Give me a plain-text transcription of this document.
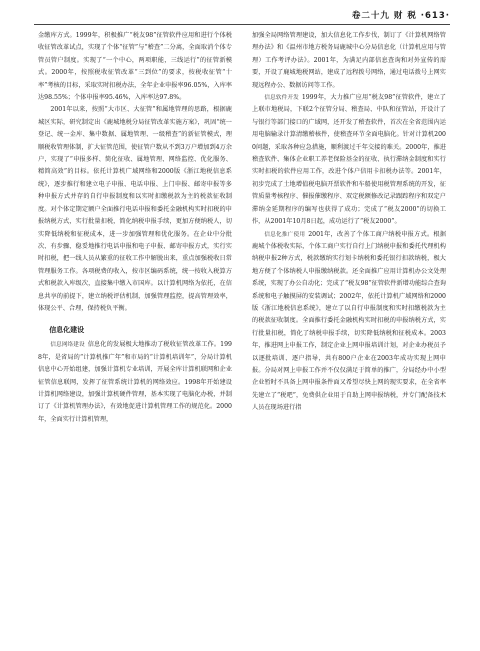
卷二十九 财 税 ·613·

金缴库方式。1999年，积极推广“税友98”征管软件应用和进行个体税收征管改革试点，实现了个体“征管”与“稽查”二分离，全面取消个体专管员管户制度。实现了“一个中心，两项职能，三线运行”的征管新模式。2000年，按照税收征管改革“三到位”的要求，按税收征管“十率”考核的目标，采取实时扣税办法，全年企业申报率96.05%，入库率达98.55%；个体申报率95.46%，入库率达97.8%。

2001年以来，按照“大市区、大征管”和属地管理的思路，根据鹿城区实际，研究制定出《鹿城地税分局征管改革实施方案》，巩固“统一登记、统一金库、集中数据、属地管理、一级稽查”的新征管模式，理顺税收管理体制，扩大征管范围，使征管户数从不到3万户增加到4万余户，实现了“申报多样、简化征收、属地管理、网络监控、优化服务、精简高效”的目标。依托计算机广域网络和2000版《浙江地税信息系统》，逐步推行和建立电子申报、电话申报、上门申报、邮寄申报等多种申报方式并存的自行申报制度和以实时扣缴税款为主的税款征收制度。对个体定期定额户全面推行电话申报和委托金融机构实时扣税的申报纳税方式，实行批量扣税，简化纳税申报手续，更加方便纳税人，切实降低纳税和征税成本，进一步加强管理和优化服务。在企业中分批次、有步骤、稳妥地推行电话申报和电子申报、邮寄申报方式，实行实时扣税，把一线人员从繁重的征收工作中解脱出来，重点加强税收日常管理服务工作。各项税费的收入，按市区编码系统，统一按收入税算方式和税款入库级次，直接集中缴入市国库。以计算机网络为依托，在信息共享的前提下，建立纳税评估机制，加强管理监控，提高管理效率，体现公平、合理，保持税负平衡。

信息化建设

信息网络建设 信息化的发展极大地推动了税收征管改革工作。1998年，是省局的“计算机推广年”和市局的“计算机培训年”，分局计算机信息中心开始组建，加强计算机专业培训，开展全库计算机联网和企业征管信息联网，发挥了征管系统计算机的网络效应。1998年开始建设计算机网络建设，加强计算机硬件管理，基本实现了电脑化办税，并制订了《计算机管理办法》，有效地促进计算机管理工作的规范化。2000年，全面实行计算机管理，

加强全局网络管理建设，加大信息化工作步伐，制订了《计算机网络管理办法》和《温州市地方税务局鹿城中心分局信息化（计算机应用与管理）工作考评办法》。2001年，为满足内部信息查询和对外宣传的需要，开设了鹿城地税网站，建成了远程拨号网络，通过电话拨号上网实现远程办公、数据访问等工作。

信息软件开发 1999年，大力推广应用“税友98”征管软件，建立了上联市地税局，下联2个征管分局、稽查局、中队和征管站，开设计了与银行等部门接口的广域网，还开发了稽查软件，首次在全省范围内运用电脑输录计算清缴稽核件，使稽查环节全面电脑化。针对计算机2000问题，采取各种应急措施，顺利渡过千年交接的难关。2000年，推进稽查软件、集体企业职工养老保险基金的征收、执行滞纳金制度和实行实时扣税的软件应用工作，改进个体户信用卡扣税办法等。2001年，初步完成了土地增值税电脑开票软件和车船使用税管理系统的开发，征管质量考核程序、催报催缴程序、双定税额修改记录跟踪程序和双定户滞纳金延期程序的编写也获得了成功；完成了“税友2000”的切换工作，从2001年10月8日起，成功运行了“税友2000”。

信息化推广使用 2001年，改善了个体工商户纳税申报方式。根据鹿城个体税收实际，个体工商户实行自行上门纳税申报和委托代理机构纳税申报2种方式，税款缴纳实行划卡纳税和委托银行扣款纳税，极大地方便了个体纳税人申报缴纳税款。还全面推广应用计算机办公文处理系统，实现了办公自动化；完成了“税友98”征管软件新增功能综合查询系统和电子触摸屏的安装调试；2002年，依托计算机广域网络和2000版《浙江地税信息系统》，建立了以自行申报制度和实时扣缴税款为主的税款征收制度。全面推行委托金融机构实时扣税的申报纳税方式，实行批量扣税，简化了纳税申报手续，切实降低纳税和征税成本。2003年，推进网上申报工作，制定企业上网申报培训计划，对企业办税员予以逐批培训、逐户指导，共有800户企业在2003年成功实现上网申报。分局对网上申报工作并不仅仅满足于简单的推广，分局经办中小型企业暂时不具备上网申报条件面又希望尽快上网的现实要求，在全省率先建立了“税吧”，免费供企业用于自助上网申报纳税，并专门配备技术人员在现场进行指
